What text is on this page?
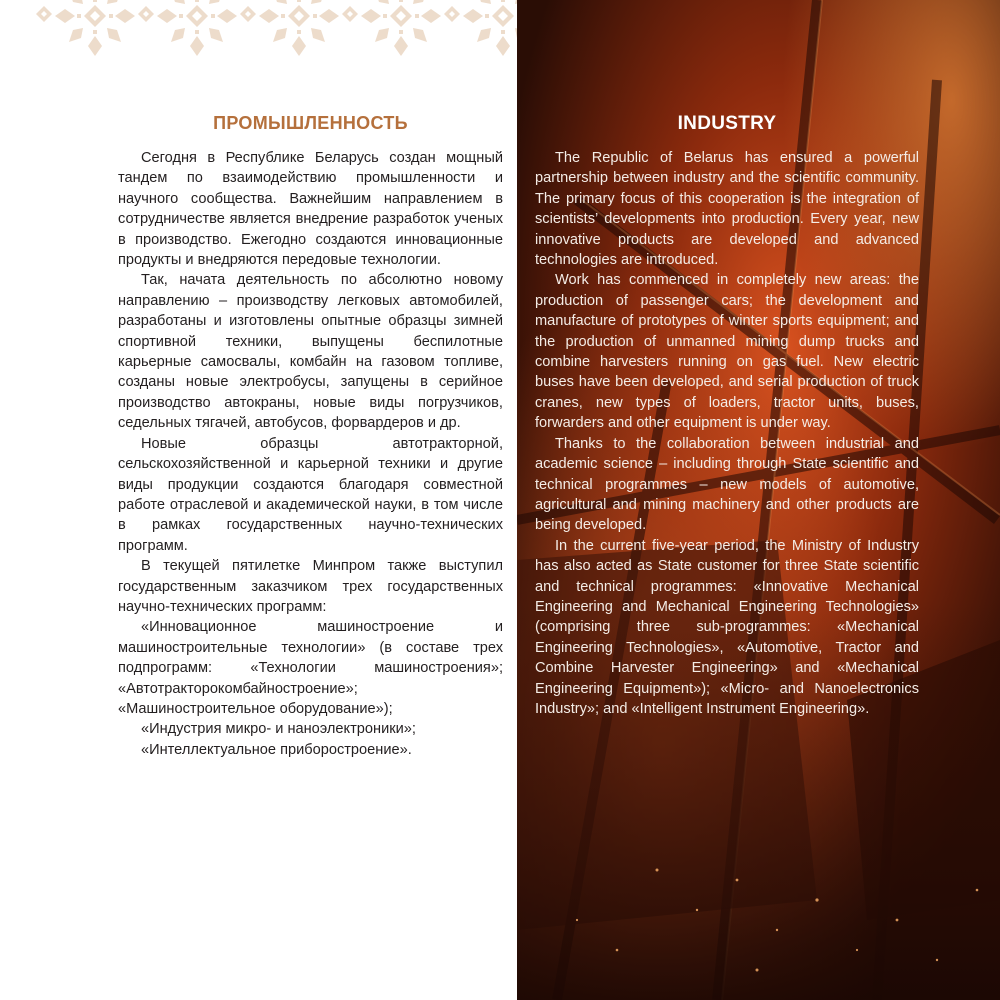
ПРОМЫШЛЕННОСТЬ

Сегодня в Республике Беларусь создан мощный тандем по взаимодействию промышленности и научного сообщества. Важнейшим направлением в сотрудничестве является внедрение разработок ученых в производство. Ежегодно создаются инновационные продукты и внедряются передовые технологии.

Так, начата деятельность по абсолютно новому направлению – производству легковых автомобилей, разработаны и изготовлены опытные образцы зимней спортивной техники, выпущены беспилотные карьерные самосвалы, комбайн на газовом топливе, созданы новые электробусы, запущены в серийное производство автокраны, новые виды погрузчиков, седельных тягачей, автобусов, форвардеров и др.

Новые образцы автотракторной, сельскохозяйственной и карьерной техники и другие виды продукции создаются благодаря совместной работе отраслевой и академической науки, в том числе в рамках государственных научно-технических программ.

В текущей пятилетке Минпром также выступил государственным заказчиком трех государственных научно-технических программ:

«Инновационное машиностроение и машиностроительные технологии» (в составе трех подпрограмм: «Технологии машиностроения»; «Автотракторокомбайностроение»; «Машиностроительное оборудование»);

«Индустрия микро- и наноэлектроники»;

«Интеллектуальное приборостроение».

INDUSTRY

The Republic of Belarus has ensured a powerful partnership between industry and the scientific community. The primary focus of this cooperation is the integration of scientists’ developments into production. Every year, new innovative products are developed and advanced technologies are introduced.

Work has commenced in completely new areas: the production of passenger cars; the development and manufacture of prototypes of winter sports equipment; and the production of unmanned mining dump trucks and combine harvesters running on gas fuel. New electric buses have been developed, and serial production of truck cranes, new types of loaders, tractor units, buses, forwarders and other equipment is under way.

Thanks to the collaboration between industrial and academic science – including through State scientific and technical programmes – new models of automotive, agricultural and mining machinery and other products are being developed.

In the current five-year period, the Ministry of Industry has also acted as State customer for three State scientific and technical programmes: «Innovative Mechanical Engineering and Mechanical Engineering Technologies» (comprising three sub-programmes: «Mechanical Engineering Technologies», «Automotive, Tractor and Combine Harvester Engineering» and «Mechanical Engineering Equipment»); «Micro- and Nanoelectronics Industry»; and «Intelligent Instrument Engineering».
